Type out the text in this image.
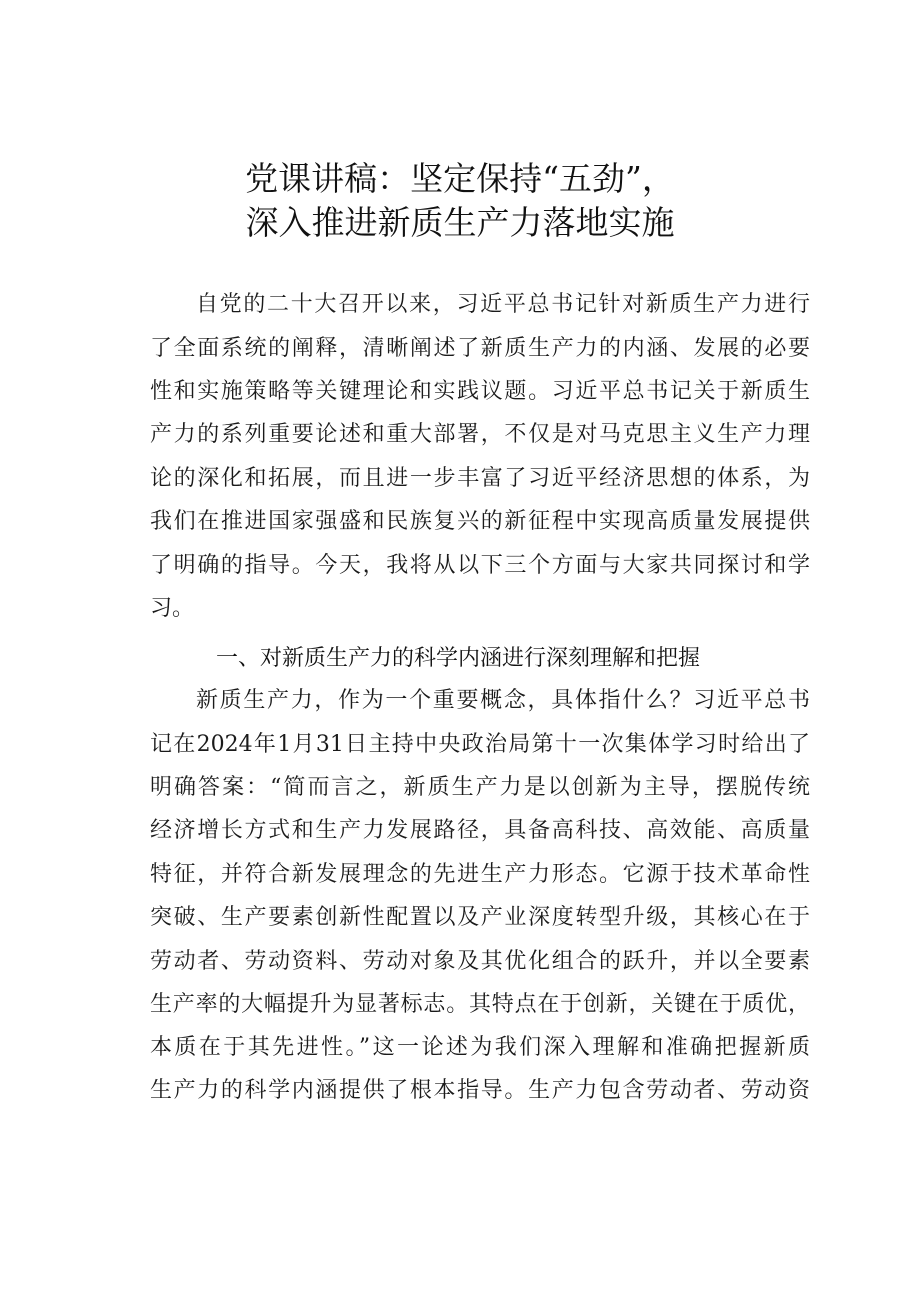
党课讲稿：坚定保持“五劲”，
深入推进新质生产力落地实施
自党的二十大召开以来，习近平总书记针对新质生产力进行
了全面系统的阐释，清晰阐述了新质生产力的内涵、发展的必要
性和实施策略等关键理论和实践议题。习近平总书记关于新质生
产力的系列重要论述和重大部署，不仅是对马克思主义生产力理
论的深化和拓展，而且进一步丰富了习近平经济思想的体系，为
我们在推进国家强盛和民族复兴的新征程中实现高质量发展提供
了明确的指导。今天，我将从以下三个方面与大家共同探讨和学
习。
一、对新质生产力的科学内涵进行深刻理解和把握
新质生产力，作为一个重要概念，具体指什么？习近平总书
记在2024年1月31日主持中央政治局第十一次集体学习时给出了
明确答案：“简而言之，新质生产力是以创新为主导，摆脱传统
经济增长方式和生产力发展路径，具备高科技、高效能、高质量
特征，并符合新发展理念的先进生产力形态。它源于技术革命性
突破、生产要素创新性配置以及产业深度转型升级，其核心在于
劳动者、劳动资料、劳动对象及其优化组合的跃升，并以全要素
生产率的大幅提升为显著标志。其特点在于创新，关键在于质优，
本质在于其先进性。”这一论述为我们深入理解和准确把握新质
生产力的科学内涵提供了根本指导。生产力包含劳动者、劳动资
